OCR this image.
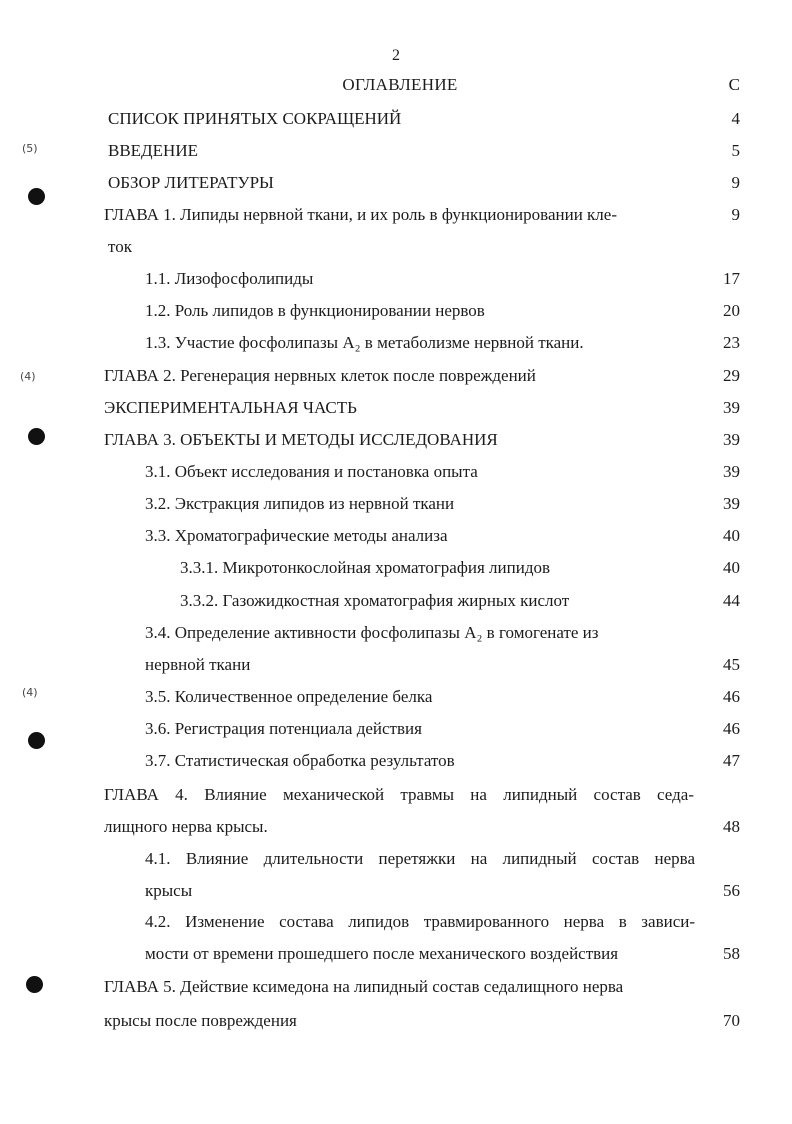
2
ОГЛАВЛЕНИЕ	С
СПИСОК ПРИНЯТЫХ СОКРАЩЕНИЙ	4
ВВЕДЕНИЕ	5
ОБЗОР ЛИТЕРАТУРЫ	9
ГЛАВА 1. Липиды нервной ткани, и их роль в функционировании кле-	9
ток
1.1. Лизофосфолипиды	17
1.2. Роль липидов в функционировании нервов	20
1.3. Участие фосфолипазы A₂ в метаболизме нервной ткани.	23
ГЛАВА 2. Регенерация нервных клеток после повреждений	29
ЭКСПЕРИМЕНТАЛЬНАЯ ЧАСТЬ	39
ГЛАВА 3. ОБЪЕКТЫ И МЕТОДЫ ИССЛЕДОВАНИЯ	39
3.1. Объект исследования и постановка опыта	39
3.2. Экстракция липидов из нервной ткани	39
3.3. Хроматографические методы анализа	40
3.3.1. Микротонкослойная хроматография липидов	40
3.3.2. Газожидкостная хроматография жирных кислот	44
3.4. Определение активности фосфолипазы A₂ в гомогенате из
нервной ткани	45
3.5. Количественное определение белка	46
3.6. Регистрация потенциала действия	46
3.7. Статистическая обработка результатов	47
ГЛАВА 4. Влияние механической травмы на липидный состав седа-
лищного нерва крысы.	48
4.1. Влияние длительности перетяжки на липидный состав нерва
крысы	56
4.2. Изменение состава липидов травмированного нерва в зависи-
мости от времени прошедшего после механического воздействия	58
ГЛАВА 5. Действие ксимедона на липидный состав седалищного нерва
крысы после повреждения	70
(5)
(4)
(4)
